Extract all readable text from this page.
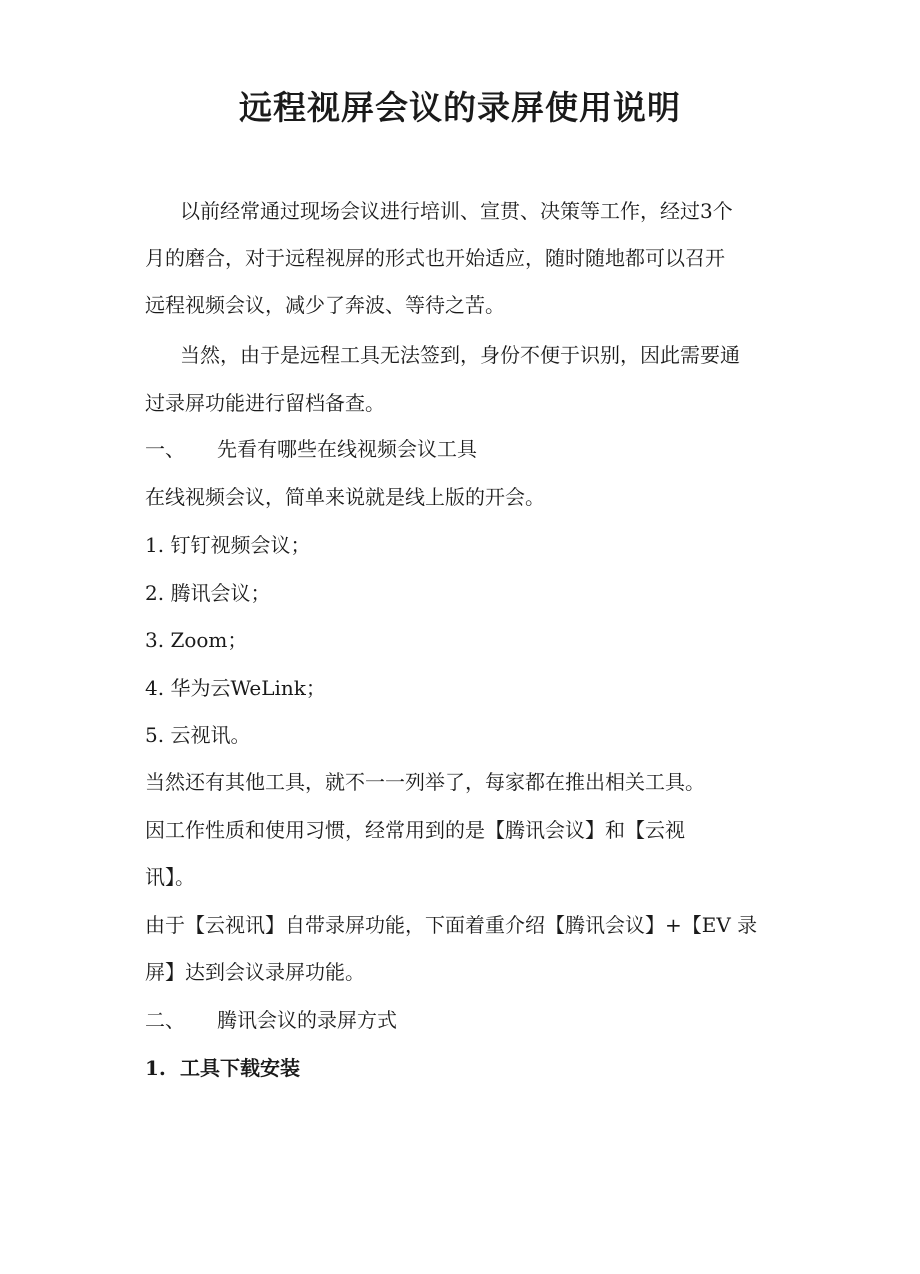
远程视屏会议的录屏使用说明
以前经常通过现场会议进行培训、宣贯、决策等工作，经过3个
月的磨合，对于远程视屏的形式也开始适应，随时随地都可以召开
远程视频会议，减少了奔波、等待之苦。
当然，由于是远程工具无法签到，身份不便于识别，因此需要通
过录屏功能进行留档备查。
一、 先看有哪些在线视频会议工具
在线视频会议，简单来说就是线上版的开会。
1. 钉钉视频会议；
2. 腾讯会议；
3. Zoom；
4. 华为云WeLink；
5. 云视讯。
当然还有其他工具，就不一一列举了，每家都在推出相关工具。
因工作性质和使用习惯，经常用到的是【腾讯会议】和【云视
讯】。
由于【云视讯】自带录屏功能，下面着重介绍【腾讯会议】+【EV 录
屏】达到会议录屏功能。
二、 腾讯会议的录屏方式
1. 工具下载安装
